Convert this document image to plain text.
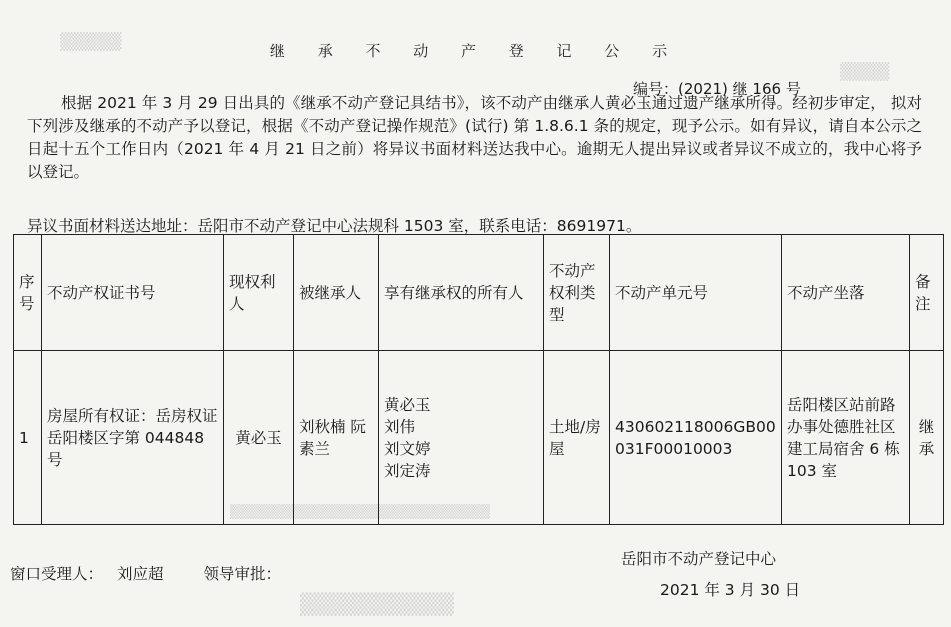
▒▒▒▒▒
▒▒▒▒
▒▒▒▒▒▒▒▒▒▒▒▒▒▒▒▒▒▒▒▒▒▒▒▒▒▒
▒▒▒▒▒▒▒▒▒▒
继 承 不 动 产 登 记 公 示
编号：(2021) 继 166 号
根据 2021 年 3 月 29 日出具的《继承不动产登记具结书》，该不动产由继承人黄必玉通过遗产继承所得。经初步审定， 拟对下列涉及继承的不动产予以登记，根据《不动产登记操作规范》(试行) 第 1.8.6.1 条的规定，现予公示。如有异议，请自本公示之日起十五个工作日内（2021 年 4 月 21 日之前）将异议书面材料送达我中心。逾期无人提出异议或者异议不成立的，我中心将予以登记。
异议书面材料送达地址：岳阳市不动产登记中心法规科 1503 室，联系电话：8691971。
序号	不动产权证书号	现权利人	被继承人	享有继承权的所有人	不动产权利类型	不动产单元号	不动产坐落	备注
1	房屋所有权证：岳房权证岳阳楼区字第 044848 号	黄必玉	刘秋楠 阮素兰	黄必玉
刘伟
刘文婷
刘定涛	土地/房屋	430602118006GB00031F00010003	岳阳楼区站前路办事处德胜社区建工局宿舍 6 栋 103 室	继承
窗口受理人： 刘应超	领导审批：
岳阳市不动产登记中心
2021 年 3 月 30 日
